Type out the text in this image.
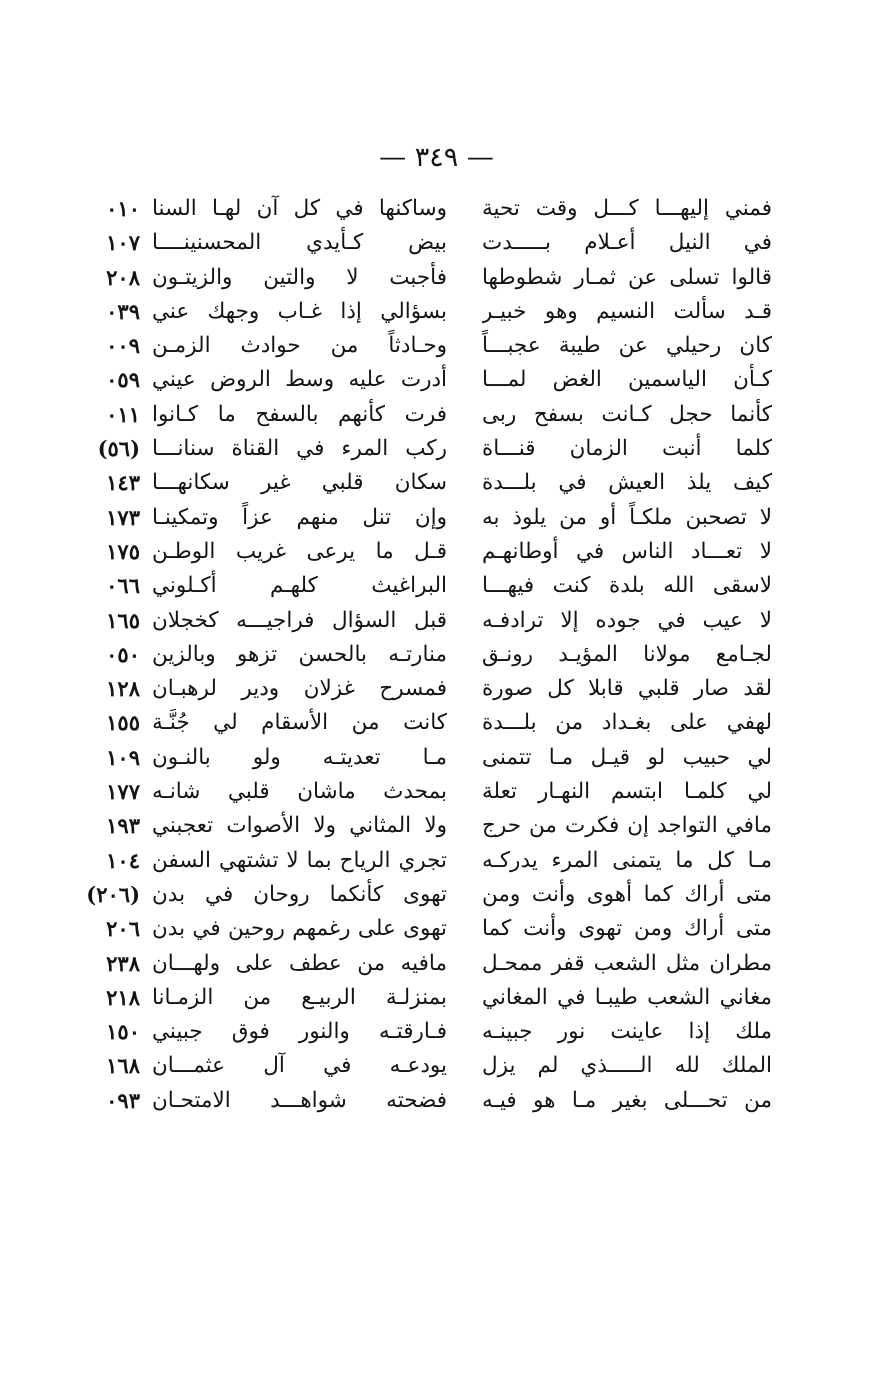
— ٣٤٩ —
فمني إليهـــا كـــل وقت تحية
وساكنها في كل آن لهـا السنا
٠١٠
في النيل أعـلام بـــــدت
بيض كـأيدي المحسنينــــا
١٠٧
قالوا تسلى عن ثمـار شطوطها
فأجبت لا والتين والزيتـون
٢٠٨
قـد سألت النسيم وهو خبيـر
بسؤالي إذا غـاب وجهك عني
٠٣٩
كان رحيلي عن طيبة عجبـــاً
وحـادثاً من حوادث الزمـن
٠٠٩
كـأن الياسمين الغض لمـــا
أدرت عليه وسط الروض عيني
٠٥٩
كأنما حجل كـانت بسفح ربى
فرت كأنهم بالسفح ما كـانوا
٠١١
كلما أنبت الزمان قنـــاة
ركب المرء في القناة سنانـــا
(٥٦)
كيف يلذ العيش في بلـــدة
سكان قلبي غير سكانهـــا
١٤٣
لا تصحبن ملكـاً أو من يلوذ به
وإن تنل منهم عزاً وتمكينـا
١٧٣
لا تعـــاد الناس في أوطانهـم
قـل ما يرعى غريب الوطـن
١٧٥
لاسقى الله بلدة كنت فيهـــا
البراغيث كلهـم أكـلوني
٠٦٦
لا عيب في جوده إلا ترادفـه
قبل السؤال فراجيـــه كخجلان
١٦٥
لجـامع مولانا المؤيـد رونـق
منارتـه بالحسن تزهو وبالزين
٠٥٠
لقد صار قلبي قابلا كل صورة
فمسرح غزلان ودير لرهبـان
١٢٨
لهفي على بغـداد من بلـــدة
كانت من الأسقام لي جُنَّـة
١٥٥
لي حبيب لو قيـل مـا تتمنى
مـا تعديتـه ولو بالنـون
١٠٩
لي كلمـا ابتسم النهـار تعلة
بمحدث ماشان قلبي شانـه
١٧٧
مافي التواجد إن فكرت من حرج
ولا المثاني ولا الأصوات تعجبني
١٩٣
مـا كل ما يتمنى المرء يدركـه
تجري الرياح بما لا تشتهي السفن
١٠٤
متى أراك كما أهوى وأنت ومن
تهوى كأنكما روحان في بدن
(٢٠٦)
متى أراك ومن تهوى وأنت كما
تهوى على رغمهم روحين في بدن
٢٠٦
مطران مثل الشعب قفر ممحـل
مافيه من عطف على ولهـــان
٢٣٨
مغاني الشعب طيبـا في المغاني
بمنزلـة الربيـع من الزمـانا
٢١٨
ملك إذا عاينت نور جبينـه
فـارقتـه والنور فوق جبيني
١٥٠
الملك لله الـــــذي لم يزل
يودعـه في آل عثمـــان
١٦٨
من تحـــلى بغير مـا هو فيـه
فضحته شواهـــد الامتحـان
٠٩٣
